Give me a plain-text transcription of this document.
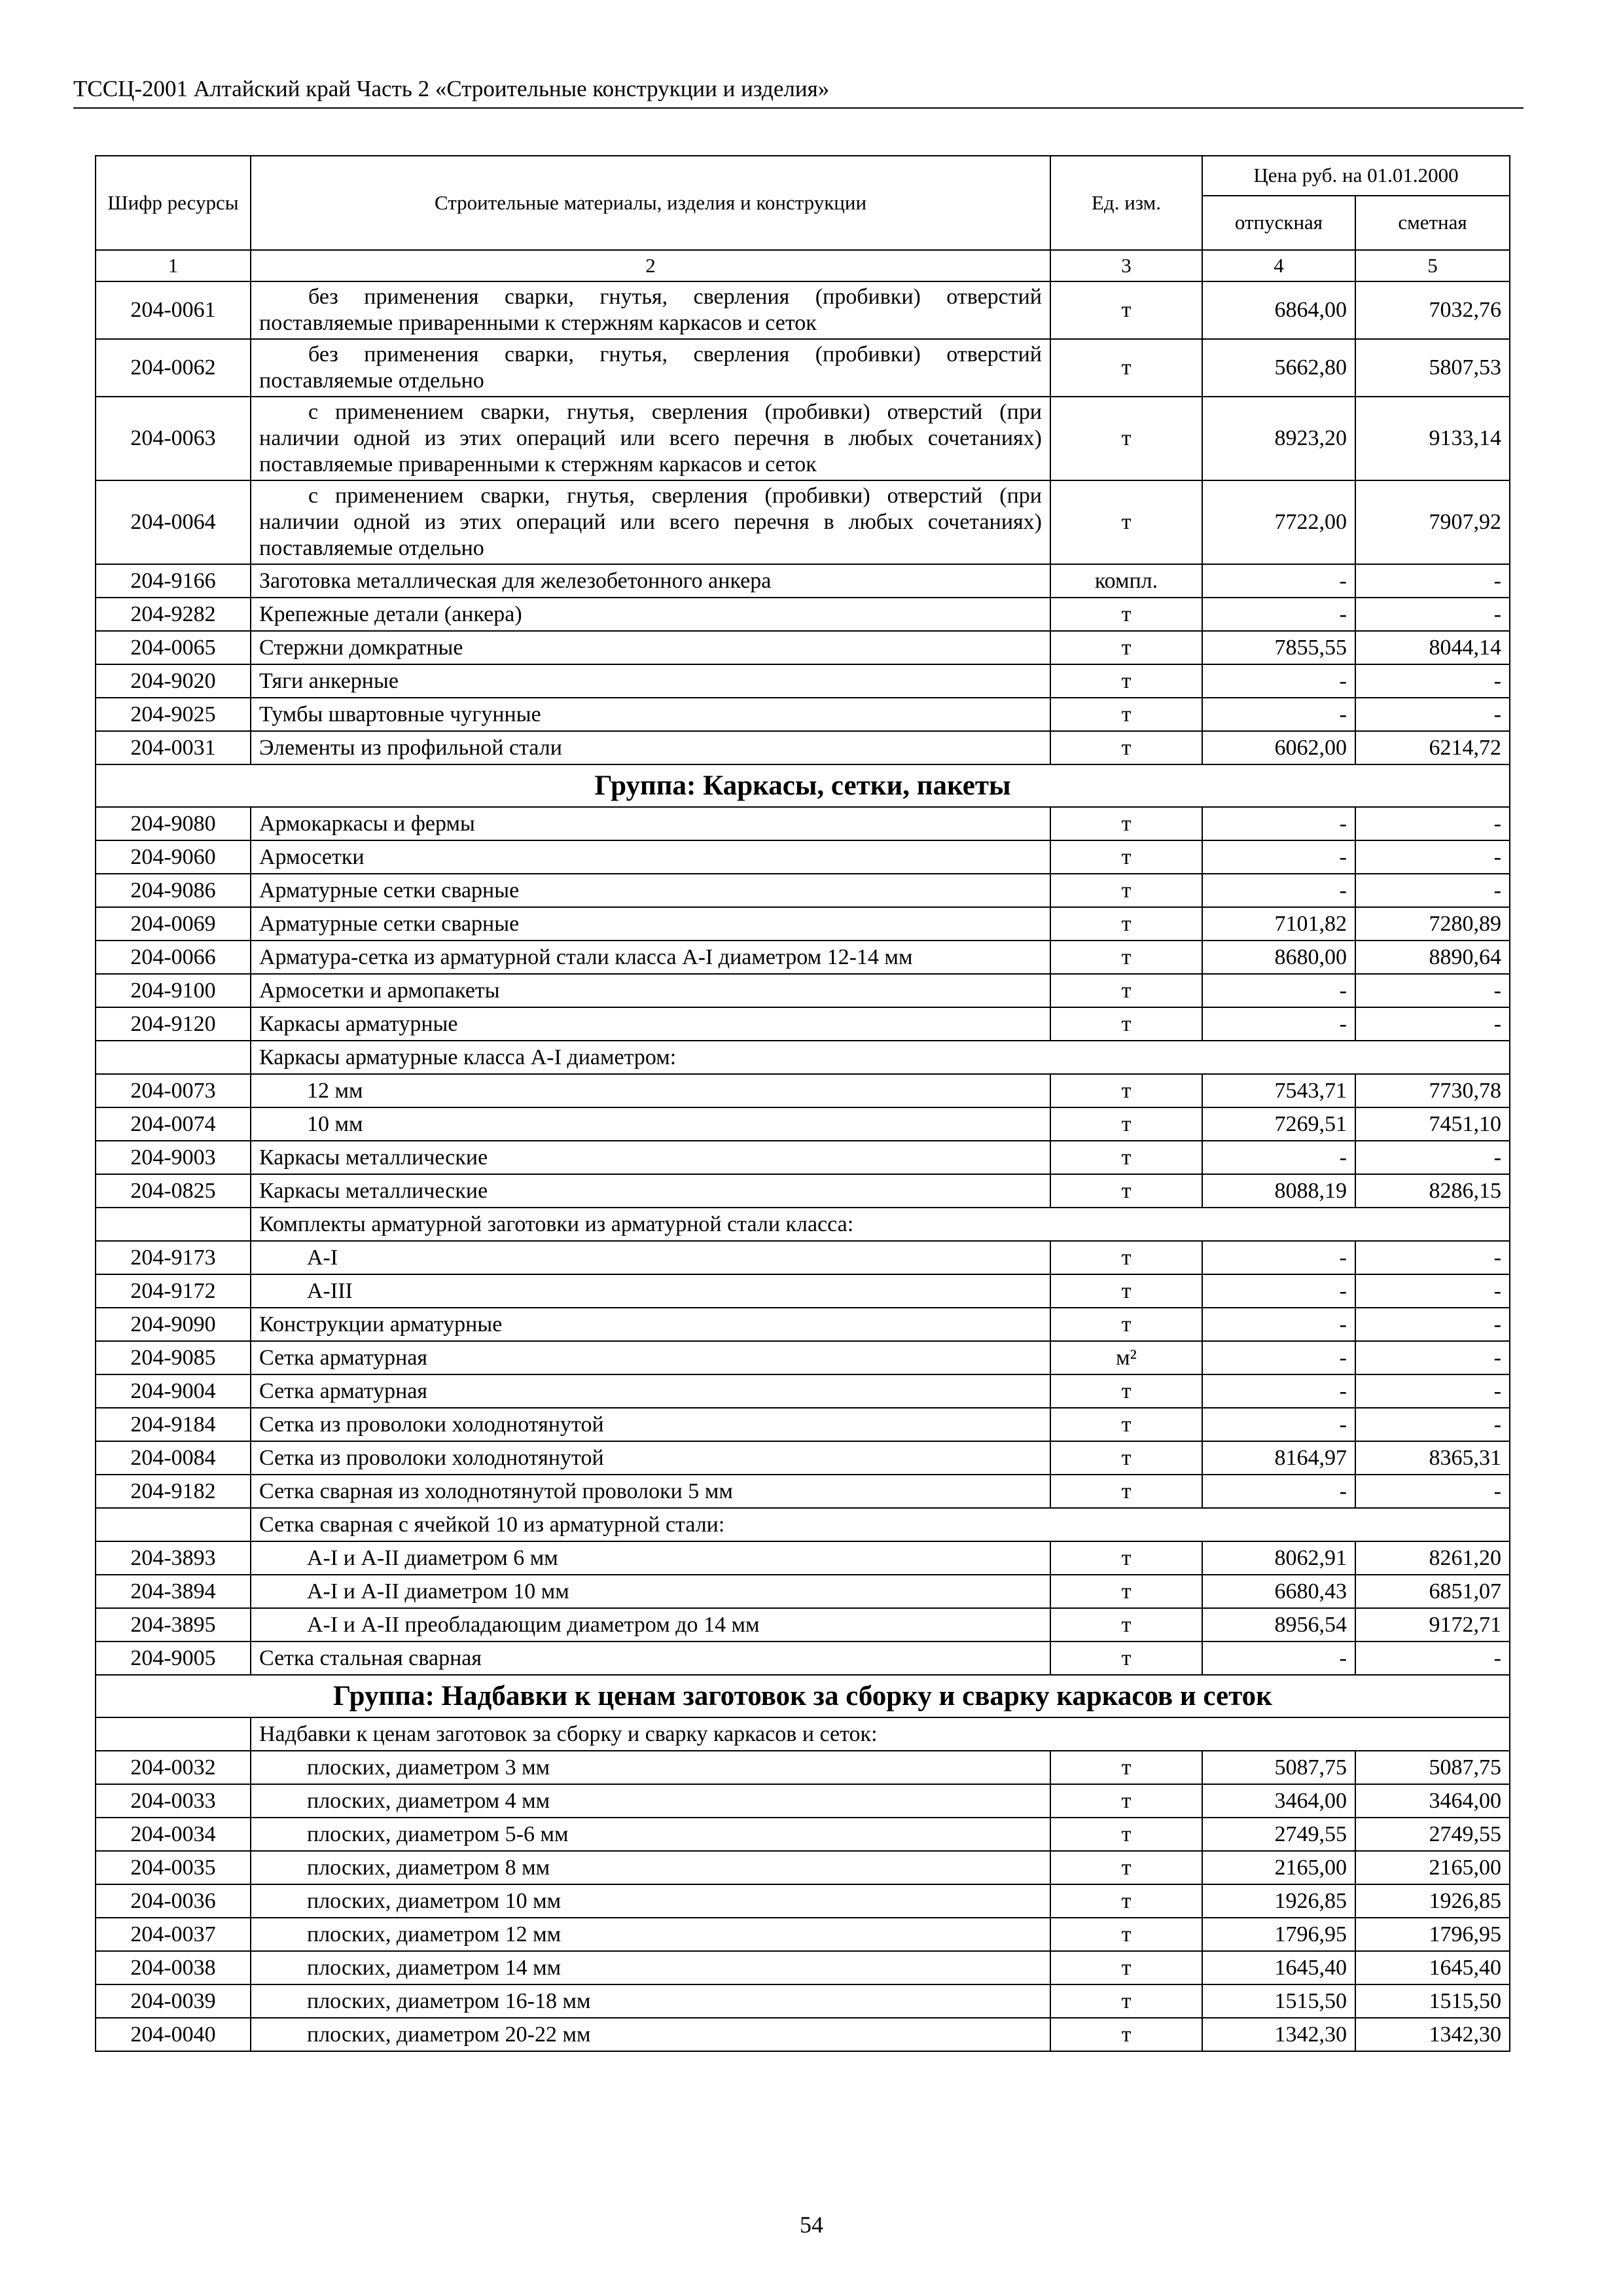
ТССЦ-2001 Алтайский край Часть 2 «Строительные конструкции и изделия»
Шифр ресурсы	Строительные материалы, изделия и конструкции	Ед. изм.	Цена руб. на 01.01.2000	
			отпускная	сметная
1	2	3	4	5
204-0061	без применения сварки, гнутья, сверления (пробивки) отверстий поставляемые приваренными к стержням каркасов и сеток	т	6864,00	7032,76
204-0062	без применения сварки, гнутья, сверления (пробивки) отверстий поставляемые отдельно	т	5662,80	5807,53
204-0063	с применением сварки, гнутья, сверления (пробивки) отверстий (при наличии одной из этих операций или всего перечня в любых сочетаниях) поставляемые приваренными к стержням каркасов и сеток	т	8923,20	9133,14
204-0064	с применением сварки, гнутья, сверления (пробивки) отверстий (при наличии одной из этих операций или всего перечня в любых сочетаниях) поставляемые отдельно	т	7722,00	7907,92
204-9166	Заготовка металлическая для железобетонного анкера	компл.	-	-
204-9282	Крепежные детали (анкера)	т	-	-
204-0065	Стержни домкратные	т	7855,55	8044,14
204-9020	Тяги анкерные	т	-	-
204-9025	Тумбы швартовные чугунные	т	-	-
204-0031	Элементы из профильной стали	т	6062,00	6214,72
Группа: Каркасы, сетки, пакеты				
204-9080	Армокаркасы и фермы	т	-	-
204-9060	Армосетки	т	-	-
204-9086	Арматурные сетки сварные	т	-	-
204-0069	Арматурные сетки сварные	т	7101,82	7280,89
204-0066	Арматура-сетка из арматурной стали класса А-I диаметром 12-14 мм	т	8680,00	8890,64
204-9100	Армосетки и армопакеты	т	-	-
204-9120	Каркасы арматурные	т	-	-
	Каркасы арматурные класса А-I диаметром:			
204-0073	12 мм	т	7543,71	7730,78
204-0074	10 мм	т	7269,51	7451,10
204-9003	Каркасы металлические	т	-	-
204-0825	Каркасы металлические	т	8088,19	8286,15
	Комплекты арматурной заготовки из арматурной стали класса:			
204-9173	А-I	т	-	-
204-9172	А-III	т	-	-
204-9090	Конструкции арматурные	т	-	-
204-9085	Сетка арматурная	м²	-	-
204-9004	Сетка арматурная	т	-	-
204-9184	Сетка из проволоки холоднотянутой	т	-	-
204-0084	Сетка из проволоки холоднотянутой	т	8164,97	8365,31
204-9182	Сетка сварная из холоднотянутой проволоки 5 мм	т	-	-
	Сетка сварная с ячейкой 10 из арматурной стали:			
204-3893	А-I и А-II диаметром 6 мм	т	8062,91	8261,20
204-3894	А-I и А-II диаметром 10 мм	т	6680,43	6851,07
204-3895	А-I и А-II преобладающим диаметром до 14 мм	т	8956,54	9172,71
204-9005	Сетка стальная сварная	т	-	-
Группа: Надбавки к ценам заготовок за сборку и сварку каркасов и сеток				
	Надбавки к ценам заготовок за сборку и сварку каркасов и сеток:			
204-0032	плоских, диаметром 3 мм	т	5087,75	5087,75
204-0033	плоских, диаметром 4 мм	т	3464,00	3464,00
204-0034	плоских, диаметром 5-6 мм	т	2749,55	2749,55
204-0035	плоских, диаметром 8 мм	т	2165,00	2165,00
204-0036	плоских, диаметром 10 мм	т	1926,85	1926,85
204-0037	плоских, диаметром 12 мм	т	1796,95	1796,95
204-0038	плоских, диаметром 14 мм	т	1645,40	1645,40
204-0039	плоских, диаметром 16-18 мм	т	1515,50	1515,50
204-0040	плоских, диаметром 20-22 мм	т	1342,30	1342,30
54
